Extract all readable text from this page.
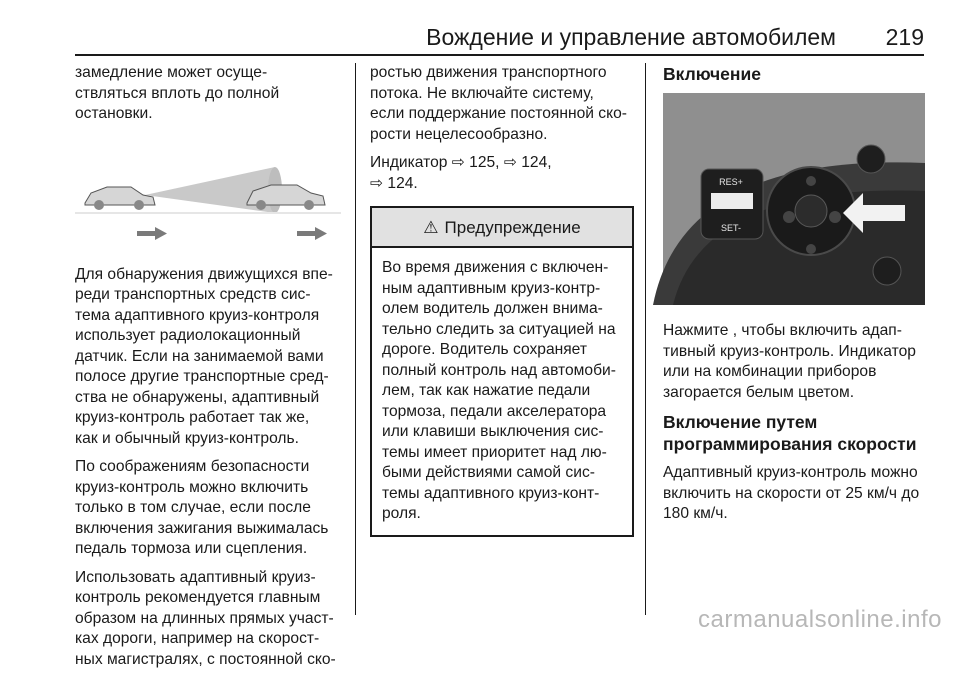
Вождение и управление автомобилем 219

замедление может осуще-
ствляться вплоть до полной
остановки.

Для обнаружения движущихся впе-
реди транспортных средств сис-
тема адаптивного круиз-контроля
использует радиолокационный
датчик. Если на занимаемой вами
полосе другие транспортные сред-
ства не обнаружены, адаптивный
круиз-контроль работает так же,
как и обычный круиз-контроль.

По соображениям безопасности
круиз-контроль можно включить
только в том случае, если после
включения зажигания выжималась
педаль тормоза или сцепления.

Использовать адаптивный круиз-
контроль рекомендуется главным
образом на длинных прямых участ-
ках дороги, например на скорост-
ных магистралях, с постоянной ско-

ростью движения транспортного
потока. Не включайте систему,
если поддержание постоянной ско-
рости нецелесообразно.

Индикатор ⇨ 125, ⇨ 124,
⇨ 124.

⚠ Предупреждение
Во время движения с включен-
ным адаптивным круиз-контр-
олем водитель должен внима-
тельно следить за ситуацией на
дороге. Водитель сохраняет
полный контроль над автомоби-
лем, так как нажатие педали
тормоза, педали акселератора
или клавиши выключения сис-
темы имеет приоритет над лю-
быми действиями самой сис-
темы адаптивного круиз-конт-
роля.
Включение
RES+
SET-

Нажмите , чтобы включить адап-
тивный круиз-контроль. Индикатор
или на комбинации приборов
загорается белым цветом.

Включение путем
программирования скорости

Адаптивный круиз-контроль можно
включить на скорости от 25 км/ч до
180 км/ч.

carmanualsonline.info
